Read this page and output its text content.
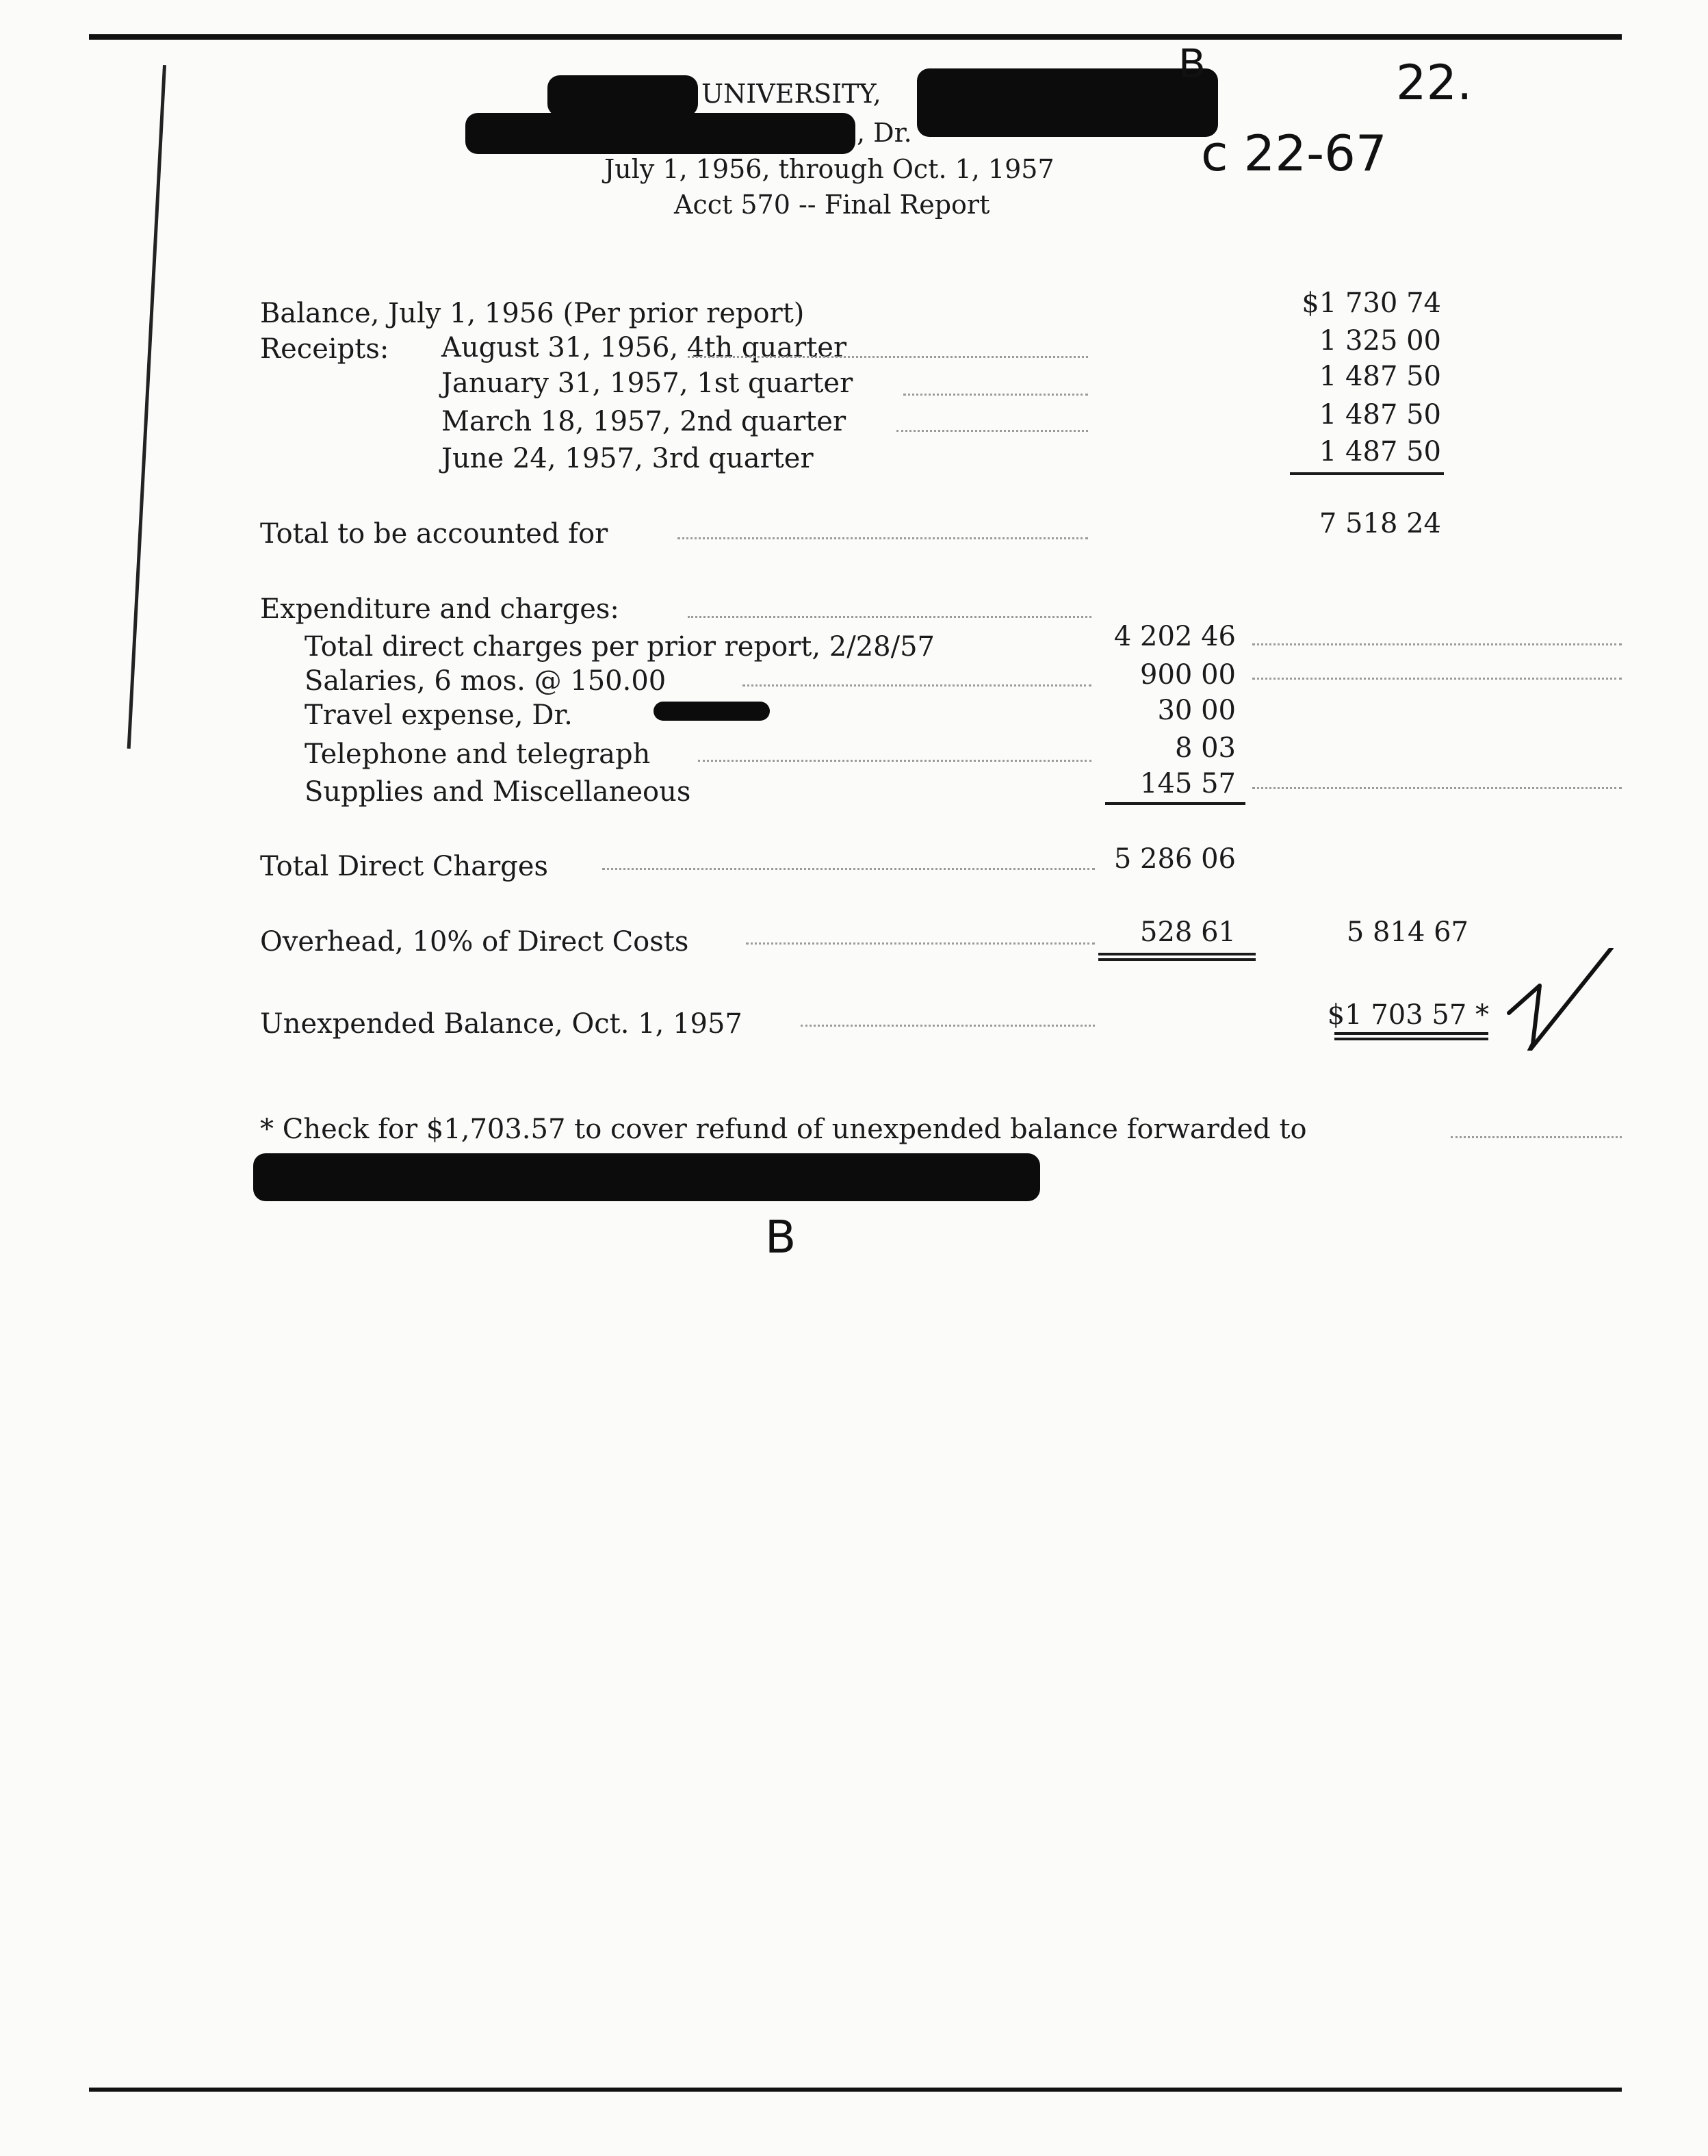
UNIVERSITY,
, Dr.
July 1, 1956, through Oct. 1, 1957
Acct 570 -- Final Report
B	22.
c 22-67
B
Balance, July 1, 1956 (Per prior report)	$1 730 74
Receipts: August 31, 1956, 4th quarter	1 325 00
January 31, 1957, 1st quarter	1 487 50
March 18, 1957, 2nd quarter	1 487 50
June 24, 1957, 3rd quarter	1 487 50
Total to be accounted for	7 518 24
Expenditure and charges:
Total direct charges per prior report, 2/28/57	4 202 46
Salaries, 6 mos. @ 150.00	900 00
Travel expense, Dr.	30 00
Telephone and telegraph	8 03
Supplies and Miscellaneous	145 57
Total Direct Charges	5 286 06
Overhead, 10% of Direct Costs	528 61	5 814 67
Unexpended Balance, Oct. 1, 1957	$1 703 57 *
* Check for $1,703.57 to cover refund of unexpended balance forwarded to
